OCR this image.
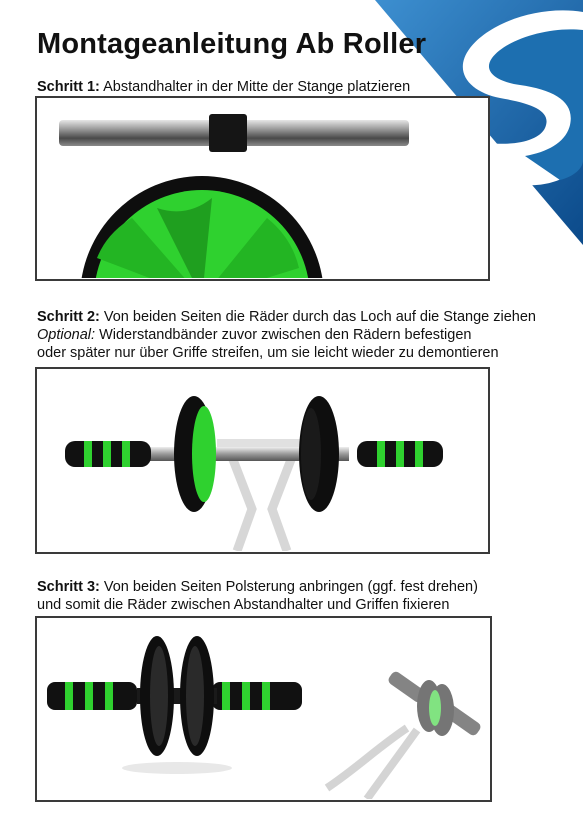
Montageanleitung Ab Roller
Schritt 1: Abstandhalter in der Mitte der Stange platzieren
Schritt 2: Von beiden Seiten die Räder durch das Loch auf die Stange ziehen
Optional: Widerstandbänder zuvor zwischen den Rädern befestigen
oder später nur über Griffe streifen, um sie leicht wieder zu demontieren
Schritt 3: Von beiden Seiten Polsterung anbringen (ggf. fest drehen)
und somit die Räder zwischen Abstandhalter und Griffen fixieren
